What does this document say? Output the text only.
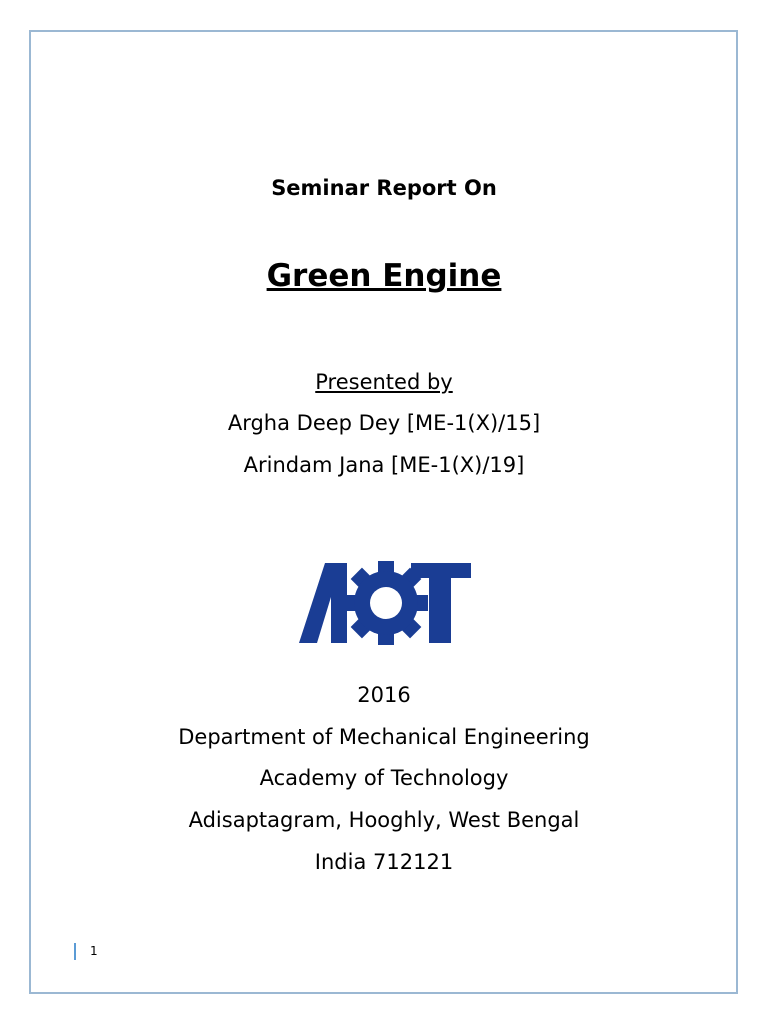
Seminar Report On
Green Engine
Presented by
Argha Deep Dey [ME-1(X)/15]
Arindam Jana [ME-1(X)/19]
2016
Department of Mechanical Engineering
Academy of Technology
Adisaptagram, Hooghly, West Bengal
India 712121
1
